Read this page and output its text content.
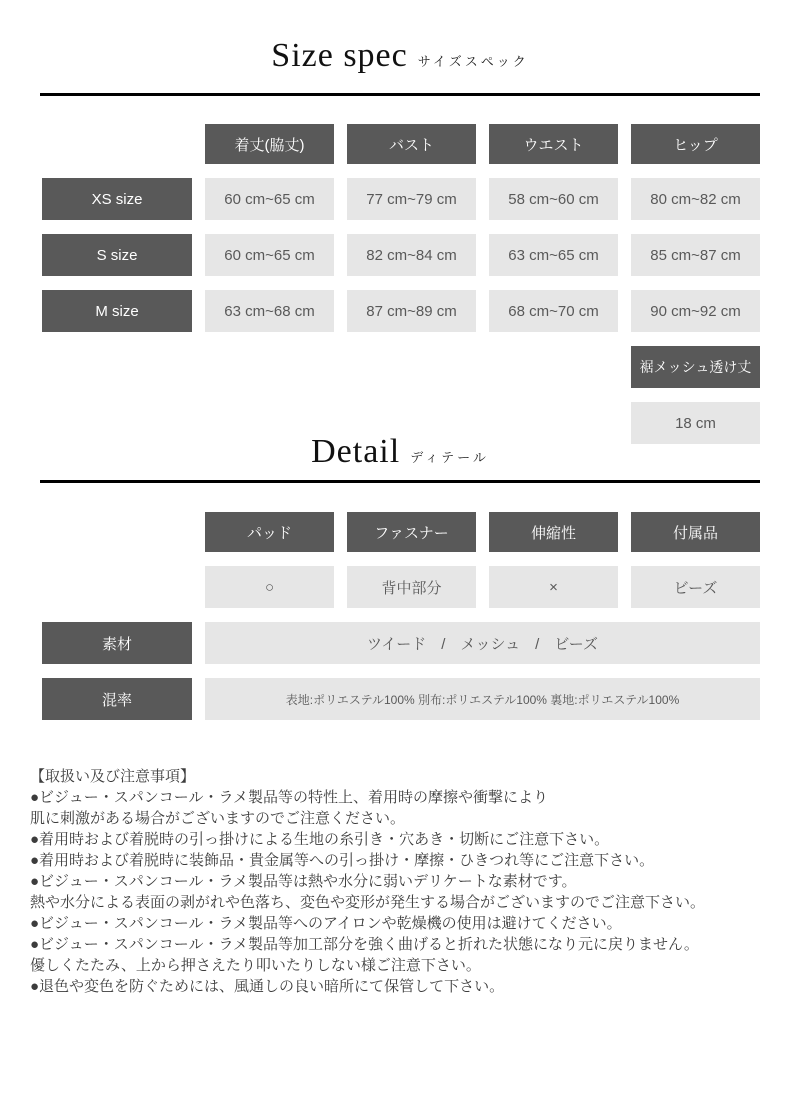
Size spec サイズスペック
着丈(脇丈)	バスト	ウエスト	ヒップ
XS size	60 cm~65 cm	77 cm~79 cm	58 cm~60 cm	80 cm~82 cm
S size	60 cm~65 cm	82 cm~84 cm	63 cm~65 cm	85 cm~87 cm
M size	63 cm~68 cm	87 cm~89 cm	68 cm~70 cm	90 cm~92 cm
裾メッシュ透け丈
18 cm
Detail ディテール
パッド	ファスナー	伸縮性	付属品
○	背中部分	×	ビーズ
素材	ツイード　/　メッシュ　/　ビーズ
混率	表地:ポリエステル100% 別布:ポリエステル100% 裏地:ポリエステル100%
【取扱い及び注意事項】
●ビジュー・スパンコール・ラメ製品等の特性上、着用時の摩擦や衝撃により
肌に刺激がある場合がございますのでご注意ください。
●着用時および着脱時の引っ掛けによる生地の糸引き・穴あき・切断にご注意下さい。
●着用時および着脱時に装飾品・貴金属等への引っ掛け・摩擦・ひきつれ等にご注意下さい。
●ビジュー・スパンコール・ラメ製品等は熱や水分に弱いデリケートな素材です。
熱や水分による表面の剥がれや色落ち、変色や変形が発生する場合がございますのでご注意下さい。
●ビジュー・スパンコール・ラメ製品等へのアイロンや乾燥機の使用は避けてください。
●ビジュー・スパンコール・ラメ製品等加工部分を強く曲げると折れた状態になり元に戻りません。
優しくたたみ、上から押さえたり叩いたりしない様ご注意下さい。
●退色や変色を防ぐためには、風通しの良い暗所にて保管して下さい。
